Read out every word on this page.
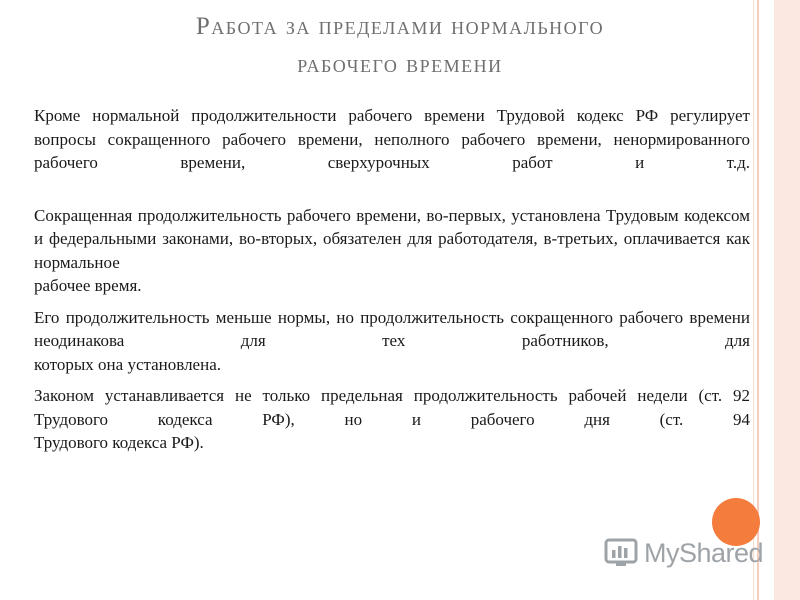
Работа за пределами нормального
рабочего времени

Кроме нормальной продолжительности рабочего времени Трудовой кодекс РФ регулирует вопросы сокращенного рабочего времени, неполного рабочего времени, ненормированного рабочего времени, сверхурочных работ и т.д.

Сокращенная продолжительность рабочего времени, во-первых, установлена Трудовым кодексом и федеральными законами, во-вторых, обязателен для работодателя, в-третьих, оплачивается как нормальное
рабочее время.

Его продолжительность меньше нормы, но продолжительность сокращенного рабочего времени неодинакова для тех работников, для
которых она установлена.

Законом устанавливается не только предельная продолжительность рабочей недели (ст. 92 Трудового кодекса РФ), но и рабочего дня (ст. 94
Трудового кодекса РФ).

MyShared
